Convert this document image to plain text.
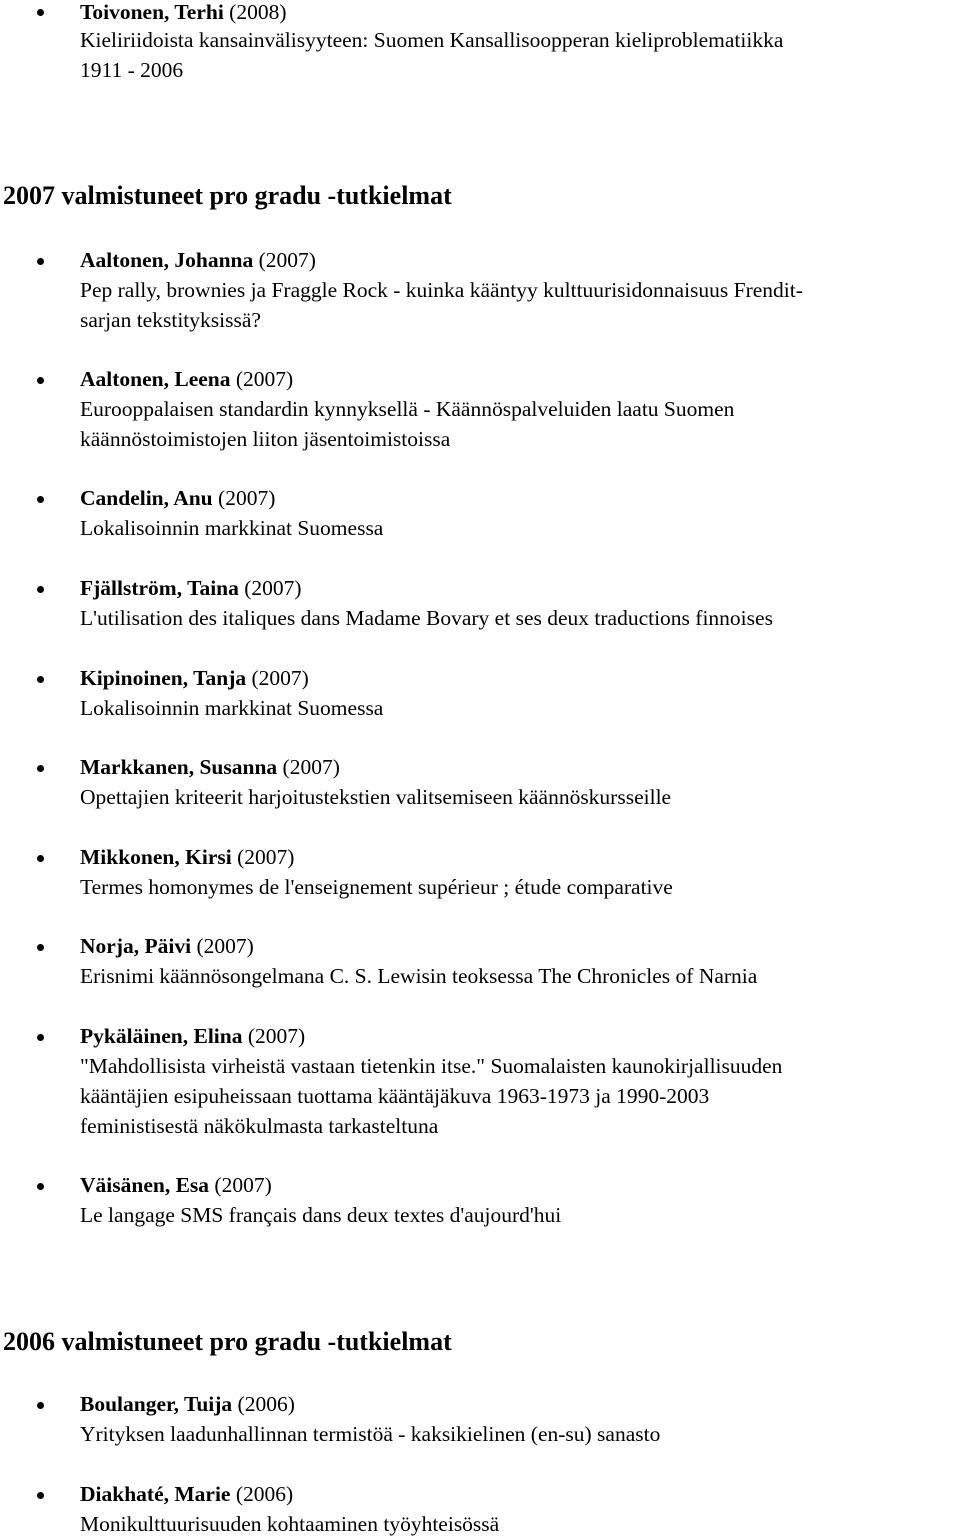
Toivonen, Terhi (2008)
Kieliriidoista kansainvälisyyteen: Suomen Kansallisoopperan kieliproblematiikka
1911 - 2006
2007 valmistuneet pro gradu -tutkielmat
Aaltonen, Johanna (2007)
Pep rally, brownies ja Fraggle Rock - kuinka kääntyy kulttuurisidonnaisuus Frendit-
sarjan tekstityksissä?
Aaltonen, Leena (2007)
Eurooppalaisen standardin kynnyksellä - Käännöspalveluiden laatu Suomen
käännöstoimistojen liiton jäsentoimistoissa
Candelin, Anu (2007)
Lokalisoinnin markkinat Suomessa
Fjällström, Taina (2007)
L'utilisation des italiques dans Madame Bovary et ses deux traductions finnoises
Kipinoinen, Tanja (2007)
Lokalisoinnin markkinat Suomessa
Markkanen, Susanna (2007)
Opettajien kriteerit harjoitustekstien valitsemiseen käännöskursseille
Mikkonen, Kirsi (2007)
Termes homonymes de l'enseignement supérieur ; étude comparative
Norja, Päivi (2007)
Erisnimi käännösongelmana C. S. Lewisin teoksessa The Chronicles of Narnia
Pykäläinen, Elina (2007)
"Mahdollisista virheistä vastaan tietenkin itse." Suomalaisten kaunokirjallisuuden
kääntäjien esipuheissaan tuottama kääntäjäkuva 1963-1973 ja 1990-2003
feministisestä näkökulmasta tarkasteltuna
Väisänen, Esa (2007)
Le langage SMS français dans deux textes d'aujourd'hui
2006 valmistuneet pro gradu -tutkielmat
Boulanger, Tuija (2006)
Yrityksen laadunhallinnan termistöä - kaksikielinen (en-su) sanasto
Diakhaté, Marie (2006)
Monikulttuurisuuden kohtaaminen työyhteisössä
